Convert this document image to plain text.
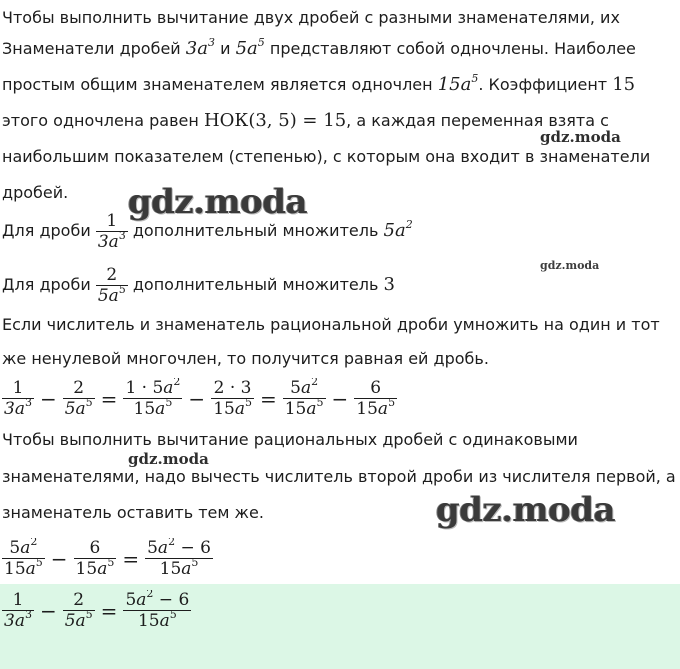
Чтобы выполнить вычитание двух дробей с разными знаменателями, их
Знаменатели дробей $3a^3$ и $5a^5$ представляют собой одночлены. Наиболее
простым общим знаменателем является одночлен $15a^5$. Коэффициент 15
этого одночлена равен НОК(3, 5) = 15, а каждая переменная взята с
наибольшим показателем (степенью), с которым она входит в знаменатели
дробей.
Для дроби $\frac{1}{3a^3}$ дополнительный множитель $5a^2$
Для дроби $\frac{2}{5a^5}$ дополнительный множитель 3
Если числитель и знаменатель рациональной дроби умножить на один и тот
же ненулевой многочлен, то получится равная ей дробь.
$\frac{1}{3a^3} - \frac{2}{5a^5} = \frac{1 \cdot 5a^2}{15a^5} - \frac{2 \cdot 3}{15a^5} = \frac{5a^2}{15a^5} - \frac{6}{15a^5}$
Чтобы выполнить вычитание рациональных дробей с одинаковыми
знаменателями, надо вычесть числитель второй дроби из числителя первой, а
знаменатель оставить тем же.
$\frac{5a^2}{15a^5} - \frac{6}{15a^5} = \frac{5a^2 - 6}{15a^5}$
$\frac{1}{3a^3} - \frac{2}{5a^5} = \frac{5a^2 - 6}{15a^5}$
gdz.moda
gdz.moda
gdz.moda
gdz.moda
gdz.moda
